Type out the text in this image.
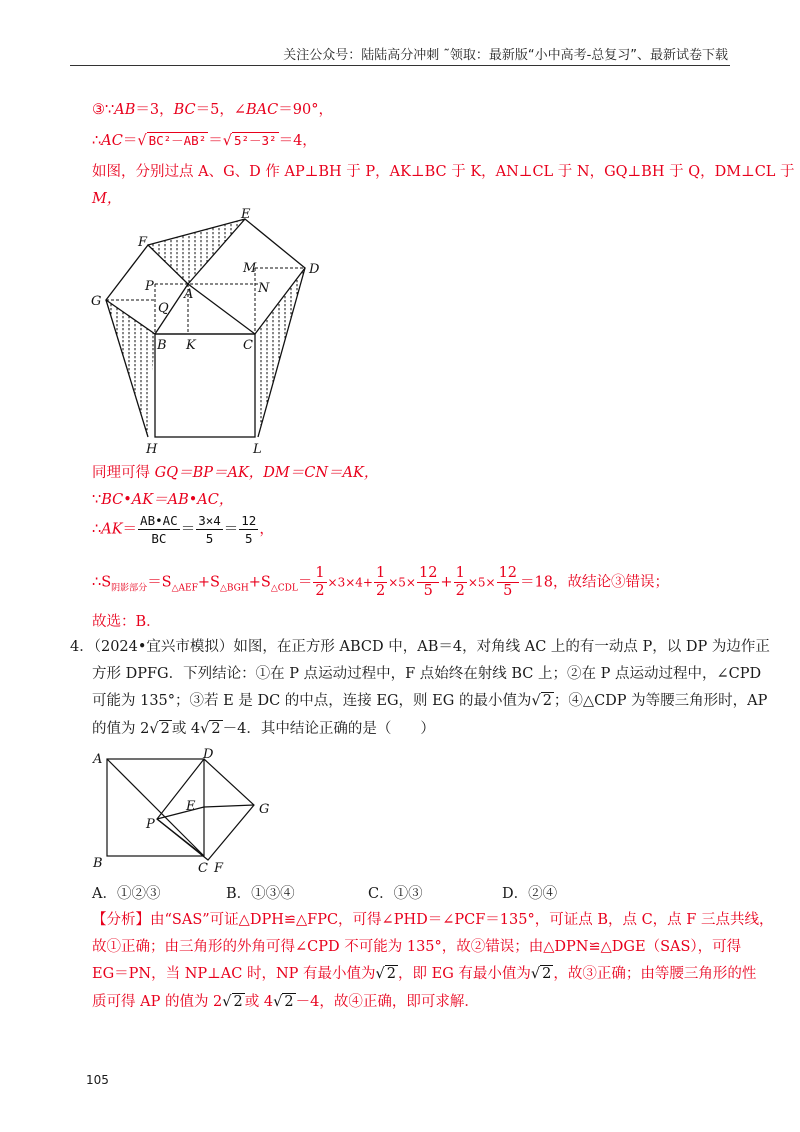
关注公众号：陆陆高分冲刺 ˜领取：最新版“小中高考-总复习”、最新试卷下载
③∵AB＝3，BC＝5，∠BAC＝90°，
∴AC＝√ BC²－AB² ＝√ 5²－3² ＝4，
如图，分别过点 A、G、D 作 AP⊥BH 于 P，AK⊥BC 于 K，AN⊥CL 于 N，GQ⊥BH 于 Q，DM⊥CL 于
M，
E
F
M	D
P
A	N
G	Q
B K	C
H	L
同理可得 GQ＝BP＝AK，DM＝CN＝AK，
∵BC•AK＝AB•AC，
∴AK＝ $\frac{AB•AC}{BC} = \frac{3\times 4}{5} = \frac{12}{5}$ ，
$\therefore S_{阴影部分}=S_{\triangle AEF}+S_{\triangle BGH}+S_{\triangle CDL}= \frac{1}{2} \times 3\times 4+ \frac{1}{2} \times 5\times \frac{12}{5} + \frac{1}{2} \times 5\times \frac{12}{5} =18$，故结论③错误；
故选：B．
4．（2024•宜兴市模拟）如图，在正方形 ABCD 中，AB＝4，对角线 AC 上的有一动点 P，以 DP 为边作正
方形 DPFG．下列结论：①在 P 点运动过程中，F 点始终在射线 BC 上；②在 P 点运动过程中，∠CPD
可能为 135°；③若 E 是 DC 的中点，连接 EG，则 EG 的最小值为√ 2 ；④△CDP 为等腰三角形时，AP
的值为 2√ 2 或 4√ 2 －4．其中结论正确的是（　　）
A	D
E	G
P
B	C F
A．①②③	B．①③④	C．①③	D．②④
【分析】由“SAS”可证△DPH≌△FPC，可得∠PHD＝∠PCF＝135°，可证点 B，点 C，点 F 三点共线，
故①正确；由三角形的外角可得∠CPD 不可能为 135°，故②错误；由△DPN≌△DGE（SAS），可得
EG＝PN，当 NP⊥AC 时，NP 有最小值为√ 2 ，即 EG 有最小值为√ 2 ，故③正确；由等腰三角形的性
质可得 AP 的值为 2√ 2 或 4√ 2 －4，故④正确，即可求解．
105
